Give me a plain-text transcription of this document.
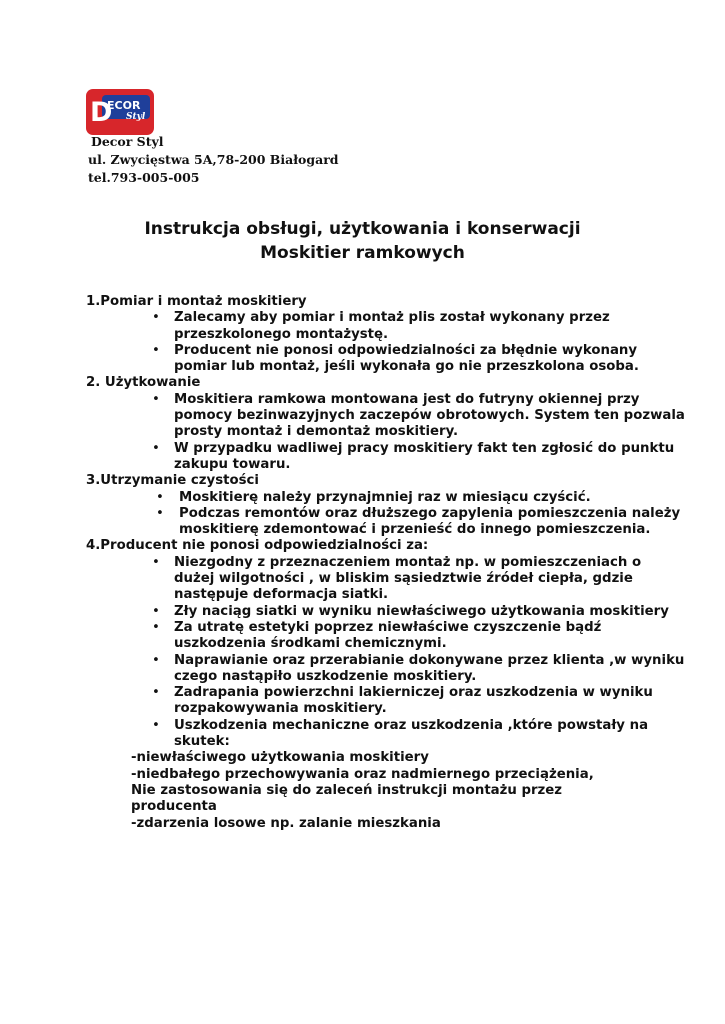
D
ECOR
Styl
Decor Styl
ul. Zwycięstwa 5A,78-200 Białogard
tel.793-005-005
Instrukcja obsługi, użytkowania i konserwacji
Moskitier ramkowych
1.Pomiar i montaż moskitiery
• Zalecamy aby pomiar i montaż plis został wykonany przez przeszkolonego montażystę.
• Producent nie ponosi odpowiedzialności za błędnie wykonany pomiar lub montaż, jeśli wykonała go nie przeszkolona osoba.
2. Użytkowanie
• Moskitiera ramkowa montowana jest do futryny okiennej przy pomocy bezinwazyjnych zaczepów obrotowych. System ten pozwala prosty montaż i demontaż moskitiery.
• W przypadku wadliwej pracy moskitiery fakt ten zgłosić do punktu zakupu towaru.
3.Utrzymanie czystości
• Moskitierę należy przynajmniej raz w miesiącu czyścić.
• Podczas remontów oraz dłuższego zapylenia pomieszczenia należy moskitierę zdemontować i przenieść do innego pomieszczenia.
4.Producent nie ponosi odpowiedzialności za:
• Niezgodny z przeznaczeniem montaż np. w pomieszczeniach o dużej wilgotności , w bliskim sąsiedztwie źródeł ciepła, gdzie następuje deformacja siatki.
• Zły naciąg siatki w wyniku niewłaściwego użytkowania moskitiery
• Za utratę estetyki poprzez niewłaściwe czyszczenie bądź uszkodzenia środkami chemicznymi.
• Naprawianie oraz przerabianie dokonywane przez klienta ,w wyniku czego nastąpiło uszkodzenie moskitiery.
• Zadrapania powierzchni lakierniczej oraz uszkodzenia w wyniku rozpakowywania moskitiery.
• Uszkodzenia mechaniczne oraz uszkodzenia ,które powstały na skutek:
-niewłaściwego użytkowania moskitiery
-niedbałego przechowywania oraz nadmiernego przeciążenia,
Nie zastosowania się do zaleceń instrukcji montażu przez
producenta
-zdarzenia losowe np. zalanie mieszkania
